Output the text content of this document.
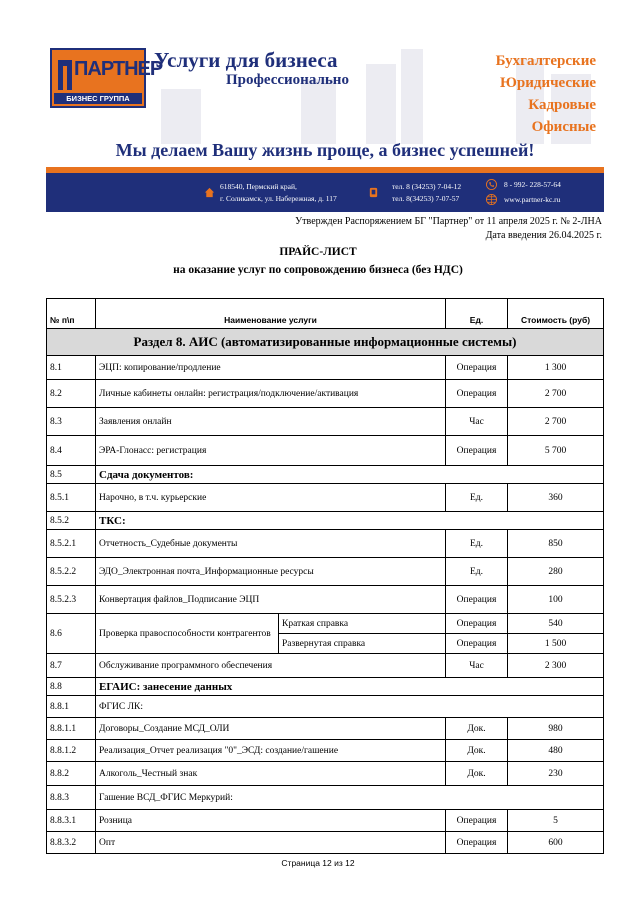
ПАРТНЕР
БИЗНЕС ГРУППА
Услуги для бизнеса
Профессионально
Бухгалтерские
Юридические
Кадровые
Офисные
Мы делаем Вашу жизнь проще, а бизнес успешней!
618540, Пермский край,
г. Соликамск, ул. Набережная, д. 117
тел. 8 (34253) 7-04-12
тел. 8(34253) 7-07-57
8 - 992- 228-57-64
www.partner-kc.ru
Утвержден Распоряжением БГ "Партнер" от 11 апреля 2025 г. № 2-ЛНА
Дата введения 26.04.2025 г.
ПРАЙС-ЛИСТ
на оказание услуг по сопровождению бизнеса (без НДС)
№ п\п	Наименование услуги		Ед.	Стоимость (руб)
Раздел 8. АИС (автоматизированные информационные системы)				
8.1	ЭЦП: копирование/продление		Операция	1 300
8.2	Личные кабинеты онлайн: регистрация/подключение/активация		Операция	2 700
8.3	Заявления онлайн		Час	2 700
8.4	ЭРА-Глонасс: регистрация		Операция	5 700
8.5	Сдача документов:			
8.5.1	Нарочно, в т.ч. курьерские		Ед.	360
8.5.2	ТКС:			
8.5.2.1	Отчетность_Судебные документы		Ед.	850
8.5.2.2	ЭДО_Электронная почта_Информационные ресурсы		Ед.	280
8.5.2.3	Конвертация файлов_Подписание ЭЦП		Операция	100
8.6	Проверка правоспособности контрагентов	Краткая справка	Операция	540
		Развернутая справка	Операция	1 500
8.7	Обслуживание программного обеспечения		Час	2 300
8.8	ЕГАИС: занесение данных			
8.8.1	ФГИС ЛК:			
8.8.1.1	Договоры_Создание МСД_ОЛИ		Док.	980
8.8.1.2	Реализация_Отчет реализация "0"_ЭСД: создание/гашение		Док.	480
8.8.2	Алкоголь_Честный знак		Док.	230
8.8.3	Гашение ВСД_ФГИС Меркурий:			
8.8.3.1	Розница		Операция	5
8.8.3.2	Опт		Операция	600
Страница 12 из 12
